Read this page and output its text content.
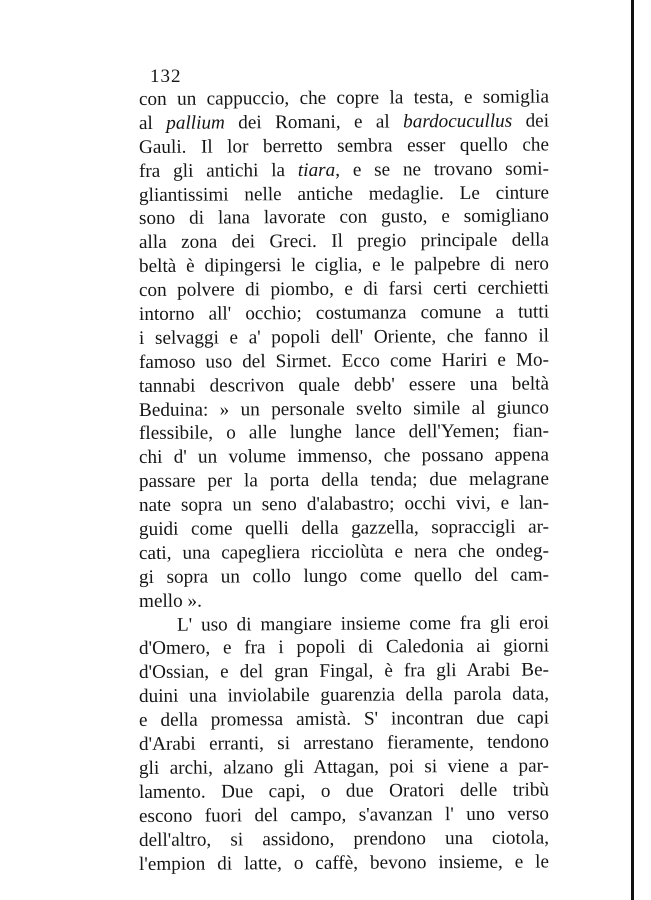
132
con un cappuccio, che copre la testa, e somiglia
al pallium dei Romani, e al bardocucullus dei
Gauli. Il lor berretto sembra esser quello che
fra gli antichi la tiara, e se ne trovano somi-
gliantissimi nelle antiche medaglie. Le cinture
sono di lana lavorate con gusto, e somigliano
alla zona dei Greci. Il pregio principale della
beltà è dipingersi le ciglia, e le palpebre di nero
con polvere di piombo, e di farsi certi cerchietti
intorno all' occhio; costumanza comune a tutti
i selvaggi e a' popoli dell' Oriente, che fanno il
famoso uso del Sirmet. Ecco come Hariri e Mo-
tannabi descrivon quale debb' essere una beltà
Beduina: » un personale svelto simile al giunco
flessibile, o alle lunghe lance dell'Yemen; fian-
chi d' un volume immenso, che possano appena
passare per la porta della tenda; due melagrane
nate sopra un seno d'alabastro; occhi vivi, e lan-
guidi come quelli della gazzella, sopraccigli ar-
cati, una capegliera ricciolùta e nera che ondeg-
gi sopra un collo lungo come quello del cam-
mello ».
L' uso di mangiare insieme come fra gli eroi
d'Omero, e fra i popoli di Caledonia ai giorni
d'Ossian, e del gran Fingal, è fra gli Arabi Be-
duini una inviolabile guarenzia della parola data,
e della promessa amistà. S' incontran due capi
d'Arabi erranti, si arrestano fieramente, tendono
gli archi, alzano gli Attagan, poi si viene a par-
lamento. Due capi, o due Oratori delle tribù
escono fuori del campo, s'avanzan l' uno verso
dell'altro, si assidono, prendono una ciotola,
l'empion di latte, o caffè, bevono insieme, e le
